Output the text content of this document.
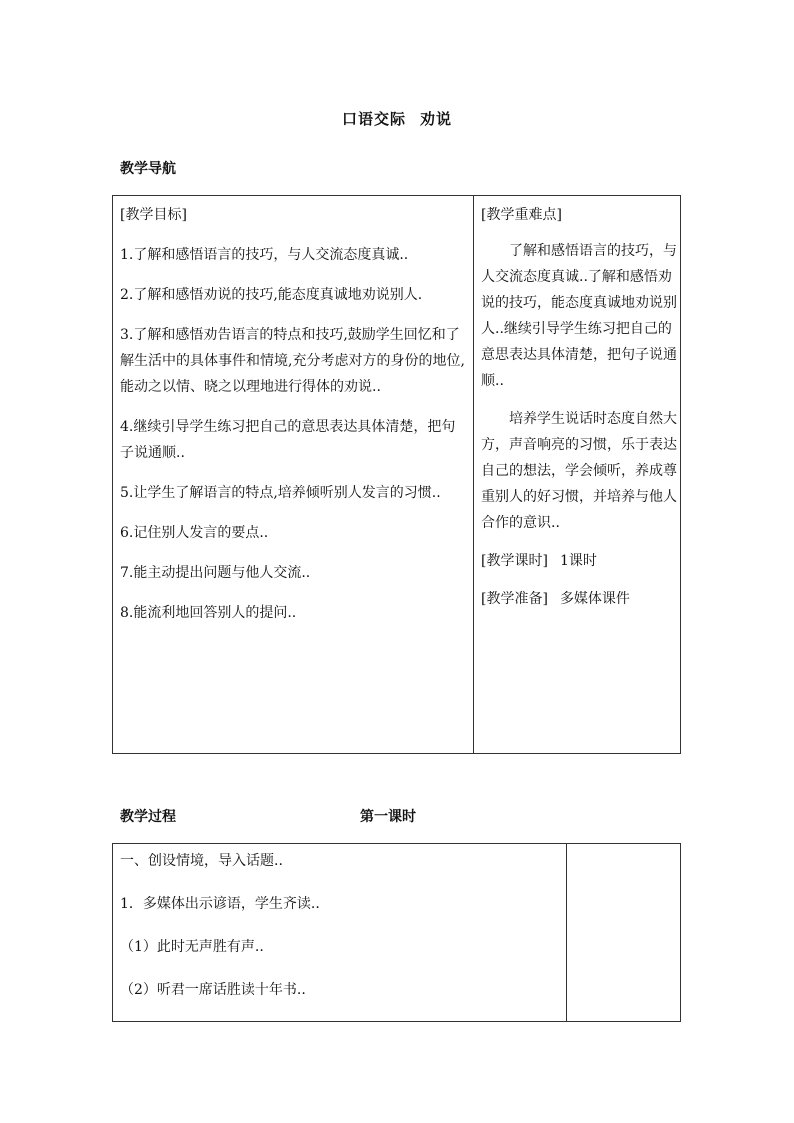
口语交际 劝说
教学导航

[教学目标]

1.了解和感悟语言的技巧，与人交流态度真诚..

2.了解和感悟劝说的技巧,能态度真诚地劝说别人.

3.了解和感悟劝告语言的特点和技巧,鼓励学生回忆和了解生活中的具体事件和情境,充分考虑对方的身份的地位,能动之以情、晓之以理地进行得体的劝说..

4.继续引导学生练习把自己的意思表达具体清楚，把句子说通顺..

5.让学生了解语言的特点,培养倾听别人发言的习惯..

6.记住别人发言的要点..

7.能主动提出问题与他人交流..

8.能流利地回答别人的提问..

[教学重难点]

了解和感悟语言的技巧，与人交流态度真诚..了解和感悟劝说的技巧，能态度真诚地劝说别人..继续引导学生练习把自己的意思表达具体清楚，把句子说通顺..

培养学生说话时态度自然大方，声音响亮的习惯，乐于表达自己的想法，学会倾听，养成尊重别人的好习惯，并培养与他人合作的意识..

[教学课时] 1课时

[教学准备] 多媒体课件

教学过程	第一课时

一、创设情境，导入话题..

1．多媒体出示谚语，学生齐读..

（1）此时无声胜有声..

（2）听君一席话胜读十年书..
